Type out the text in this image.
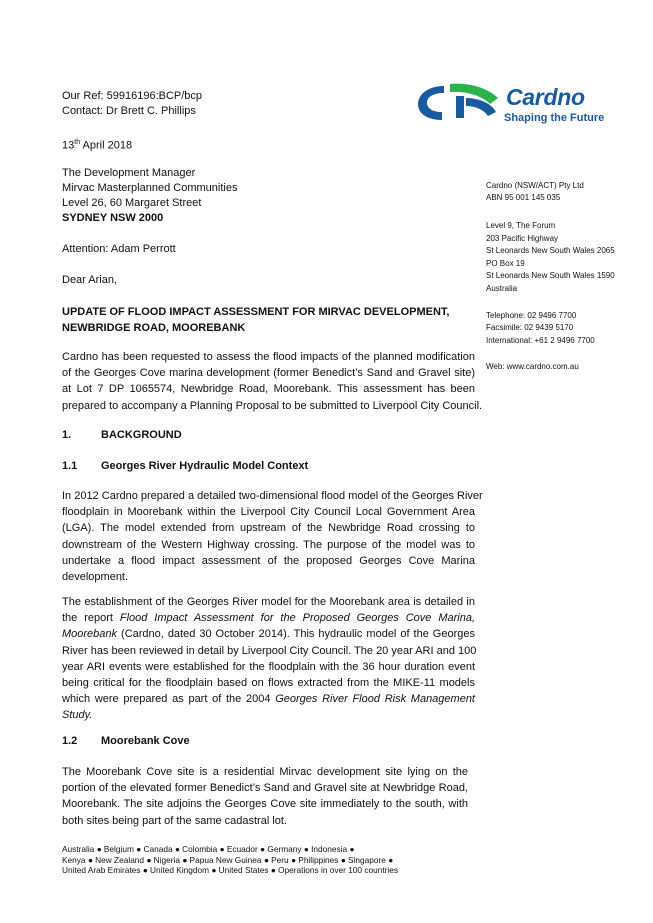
Cardno
Shaping the Future
Our Ref: 59916196:BCP/bcp
Contact: Dr Brett C. Phillips
13th April 2018
The Development Manager
Mirvac Masterplanned Communities
Level 26, 60 Margaret Street
SYDNEY NSW 2000
Attention: Adam Perrott
Dear Arian,
UPDATE OF FLOOD IMPACT ASSESSMENT FOR MIRVAC DEVELOPMENT,
NEWBRIDGE ROAD, MOOREBANK
Cardno has been requested to assess the flood impacts of the planned modification
of the Georges Cove marina development (former Benedict’s Sand and Gravel site)
at Lot 7 DP 1065574, Newbridge Road, Moorebank. This assessment has been
prepared to accompany a Planning Proposal to be submitted to Liverpool City Council.
1.	BACKGROUND
1.1 Georges River Hydraulic Model Context
In 2012 Cardno prepared a detailed two-dimensional flood model of the Georges River
floodplain in Moorebank within the Liverpool City Council Local Government Area
(LGA). The model extended from upstream of the Newbridge Road crossing to
downstream of the Western Highway crossing. The purpose of the model was to
undertake a flood impact assessment of the proposed Georges Cove Marina
development.
The establishment of the Georges River model for the Moorebank area is detailed in
the report Flood Impact Assessment for the Proposed Georges Cove Marina,
Moorebank (Cardno, dated 30 October 2014). This hydraulic model of the Georges
River has been reviewed in detail by Liverpool City Council. The 20 year ARI and 100
year ARI events were established for the floodplain with the 36 hour duration event
being critical for the floodplain based on flows extracted from the MIKE-11 models
which were prepared as part of the 2004 Georges River Flood Risk Management
Study.
1.2 Moorebank Cove
The Moorebank Cove site is a residential Mirvac development site lying on the
portion of the elevated former Benedict’s Sand and Gravel site at Newbridge Road,
Moorebank. The site adjoins the Georges Cove site immediately to the south, with
both sites being part of the same cadastral lot.
Cardno (NSW/ACT) Pty Ltd
ABN 95 001 145 035
Level 9, The Forum
203 Pacific Highway
St Leonards New South Wales 2065
PO Box 19
St Leonards New South Wales 1590
Australia
Telephone: 02 9496 7700
Facsimile: 02 9439 5170
International: +61 2 9496 7700
Web: www.cardno.com.au
Australia ● Belgium ● Canada ● Colombia ● Ecuador ● Germany ● Indonesia ●
Kenya ● New Zealand ● Nigeria ● Papua New Guinea ● Peru ● Philippines ● Singapore ●
United Arab Emirates ● United Kingdom ● United States ● Operations in over 100 countries
